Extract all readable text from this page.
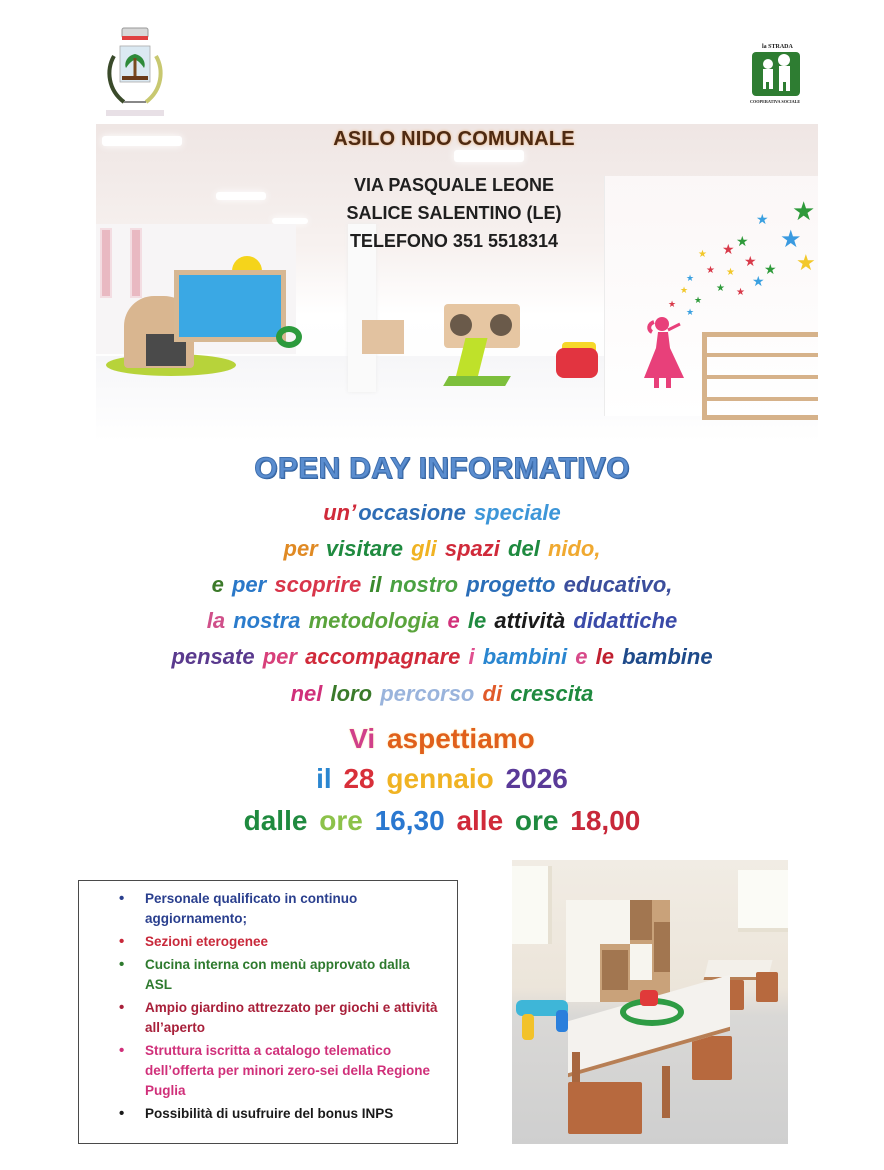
la STRADA
COOPERATIVA SOCIALE
★
★
★
★
★
★
★ ★
★
★
★ ★
★ ★
★
★
★
★
★
ASILO NIDO COMUNALE
VIA PASQUALE LEONE
SALICE SALENTINO (LE)
TELEFONO 351 5518314
OPEN DAY INFORMATIVO
un’occasione speciale
per visitare gli spazi del nido,
e per scoprire il nostro progetto educativo,
la nostra metodologia e le attività didattiche
pensate per accompagnare i bambini e le bambine
nel loro percorso di crescita
Vi aspettiamo
il 28 gennaio 2026
dalle ore 16,30 alle ore 18,00
• Personale qualificato in continuo aggiornamento;
• Sezioni eterogenee
• Cucina interna con menù approvato dalla ASL
• Ampio giardino attrezzato per giochi e attività all’aperto
• Struttura iscritta a catalogo telematico dell’offerta per minori zero-sei della Regione Puglia
• Possibilità di usufruire del bonus INPS
